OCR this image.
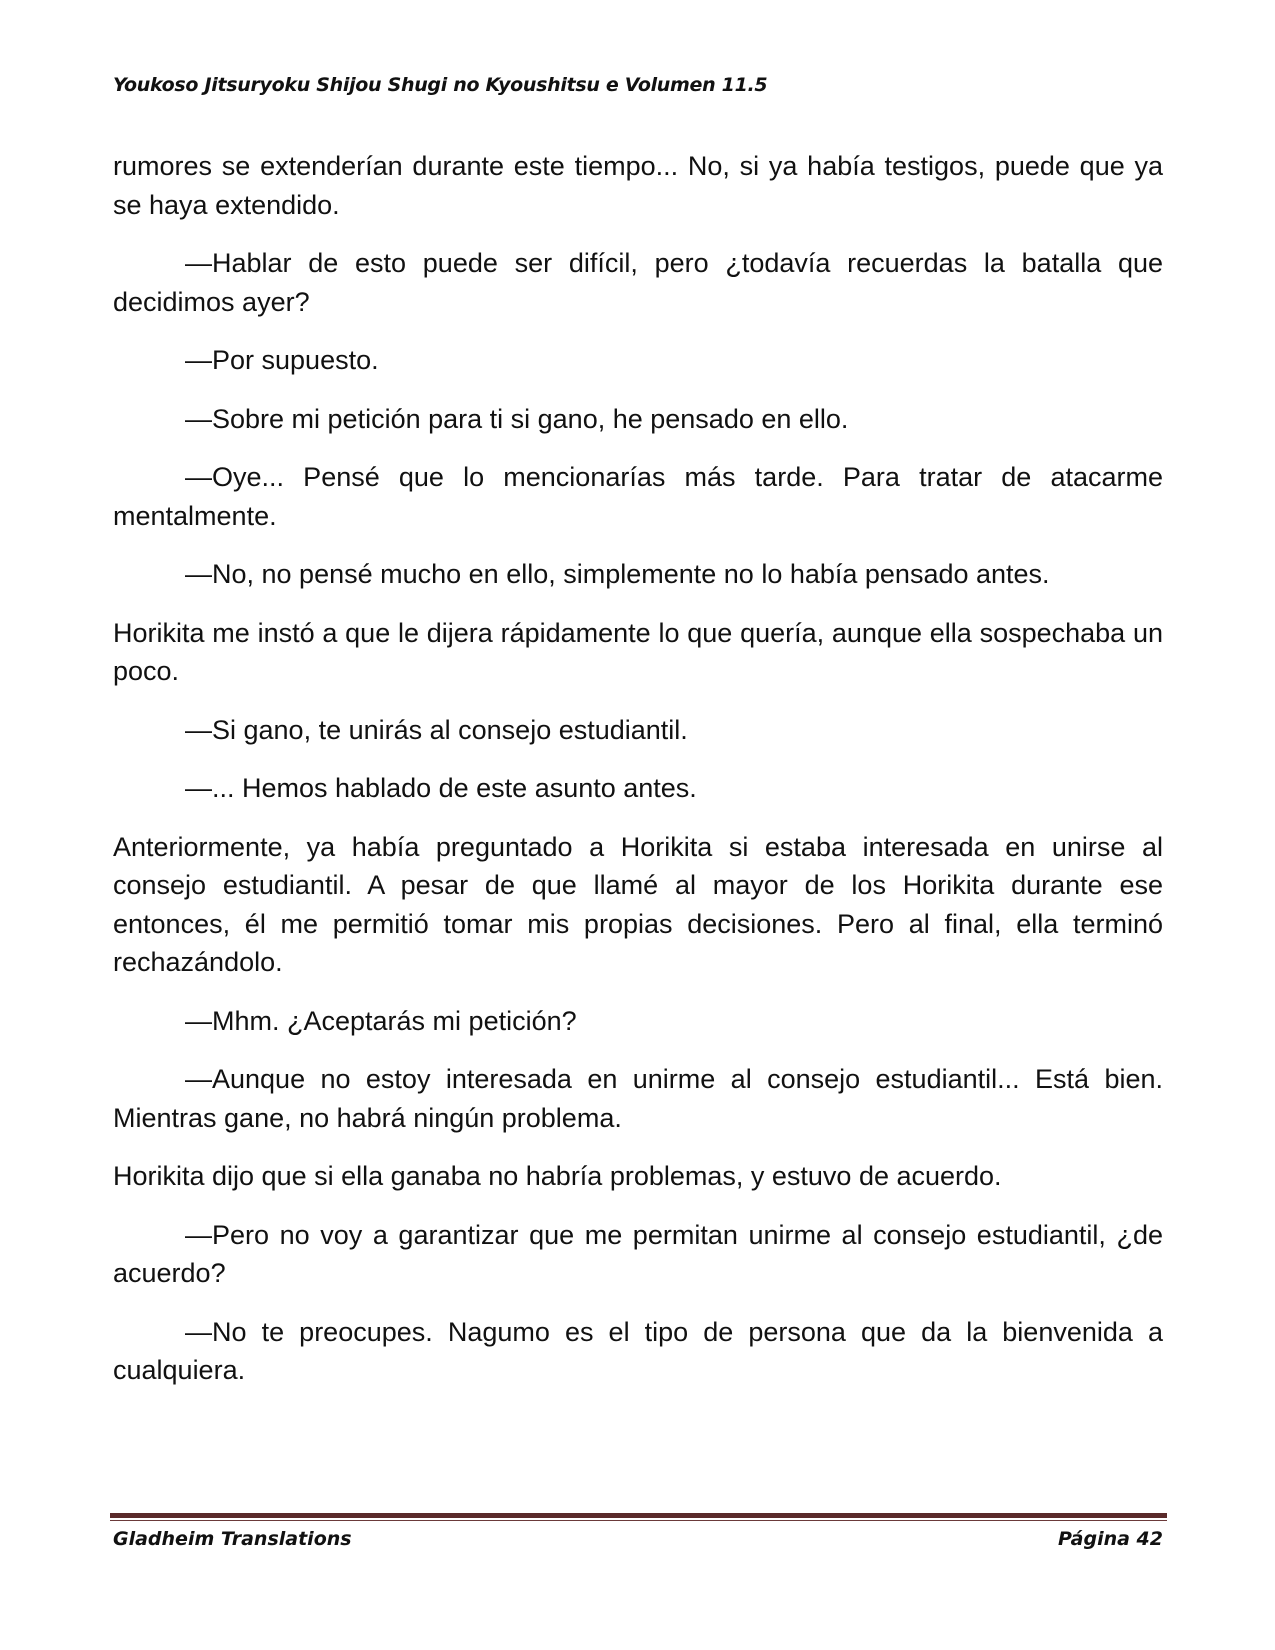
Youkoso Jitsuryoku Shijou Shugi no Kyoushitsu e Volumen 11.5

rumores se extenderían durante este tiempo... No, si ya había testigos, puede que ya se haya extendido.

—Hablar de esto puede ser difícil, pero ¿todavía recuerdas la batalla que decidimos ayer?

—Por supuesto.

—Sobre mi petición para ti si gano, he pensado en ello.

—Oye... Pensé que lo mencionarías más tarde. Para tratar de atacarme mentalmente.

—No, no pensé mucho en ello, simplemente no lo había pensado antes.

Horikita me instó a que le dijera rápidamente lo que quería, aunque ella sospechaba un poco.

—Si gano, te unirás al consejo estudiantil.

—... Hemos hablado de este asunto antes.

Anteriormente, ya había preguntado a Horikita si estaba interesada en unirse al consejo estudiantil. A pesar de que llamé al mayor de los Horikita durante ese entonces, él me permitió tomar mis propias decisiones. Pero al final, ella terminó rechazándolo.

—Mhm. ¿Aceptarás mi petición?

—Aunque no estoy interesada en unirme al consejo estudiantil... Está bien. Mientras gane, no habrá ningún problema.

Horikita dijo que si ella ganaba no habría problemas, y estuvo de acuerdo.

—Pero no voy a garantizar que me permitan unirme al consejo estudiantil, ¿de acuerdo?

—No te preocupes. Nagumo es el tipo de persona que da la bienvenida a cualquiera.

Gladheim Translations	Página 42
